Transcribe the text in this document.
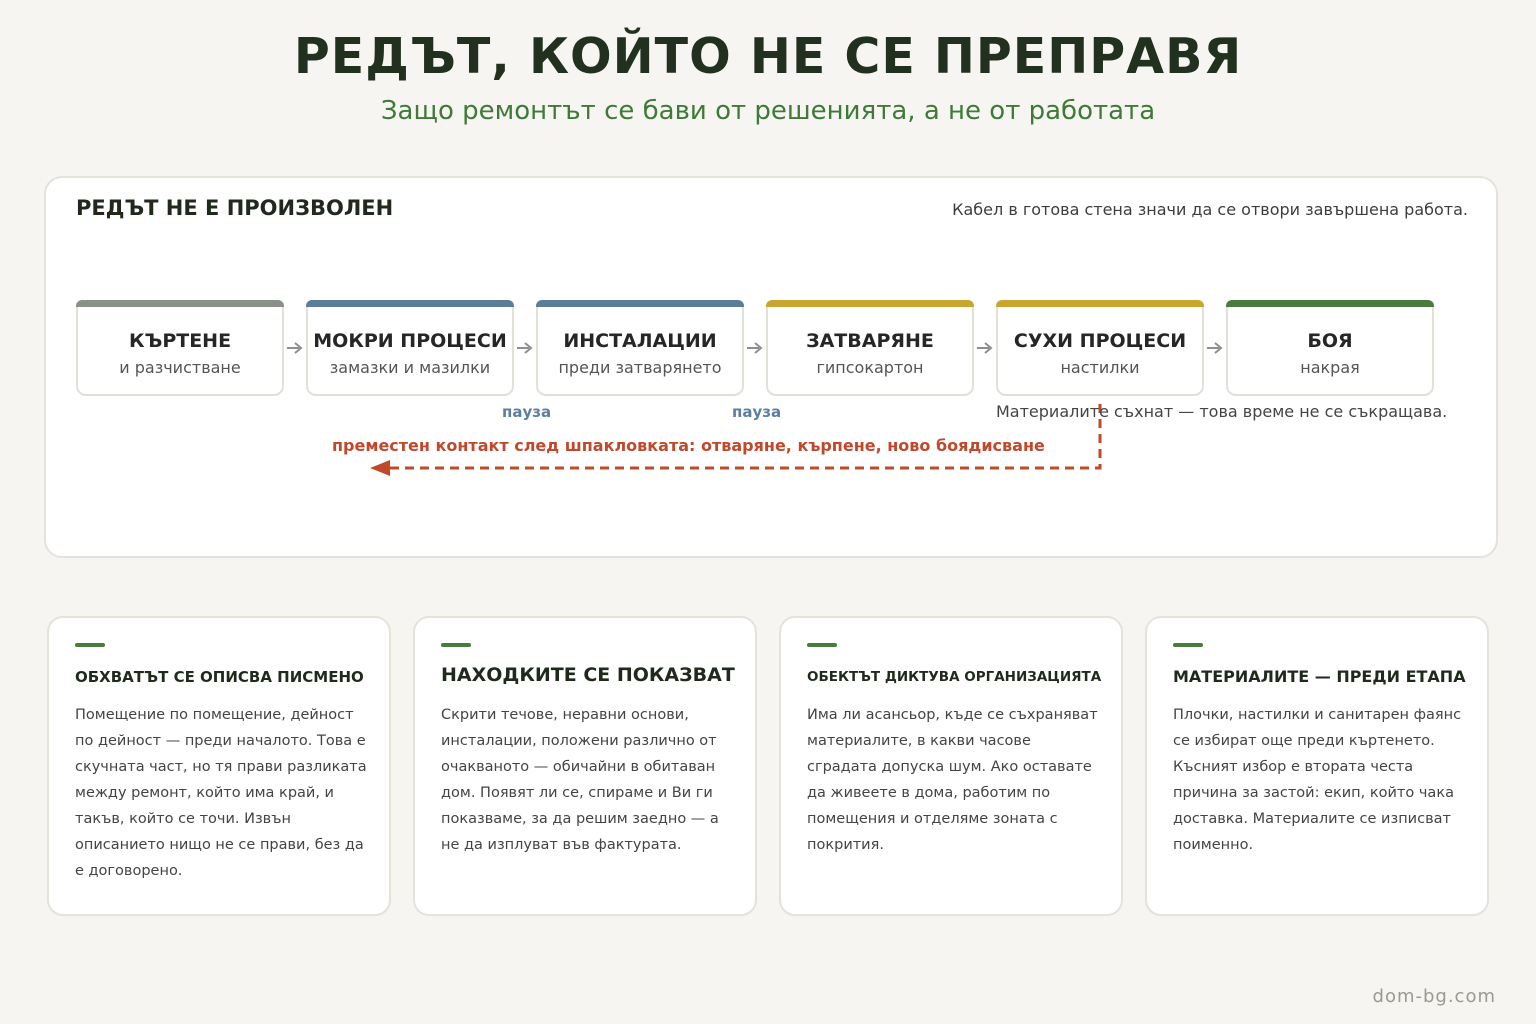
РЕДЪТ, КОЙТО НЕ СЕ ПРЕПРАВЯ
Защо ремонтът се бави от решенията, а не от работата
РЕДЪТ НЕ Е ПРОИЗВОЛЕН	Кабел в готова стена значи да се отвори завършена работа.
КЪРТЕНЕ
и разчистване
МОКРИ ПРОЦЕСИ
замазки и мазилки
ИНСТАЛАЦИИ
преди затварянето
ЗАТВАРЯНЕ
гипсокартон
СУХИ ПРОЦЕСИ
настилки
БОЯ
накрая
пауза	пауза	Материалите съхнат — това време не се съкращава.
преместен контакт след шпакловката: отваряне, кърпене, ново боядисване
ОБХВАТЪТ СЕ ОПИСВА ПИСМЕНО
Помещение по помещение, дейност по дейност — преди началото. Това е скучната част, но тя прави разликата между ремонт, който има край, и такъв, който се точи. Извън описанието нищо не се прави, без да е договорено.
НАХОДКИТЕ СЕ ПОКАЗВАТ
Скрити течове, неравни основи, инсталации, положени различно от очакваното — обичайни в обитаван дом. Появят ли се, спираме и Ви ги показваме, за да решим заедно — а не да изплуват във фактурата.
ОБЕКТЪТ ДИКТУВА ОРГАНИЗАЦИЯТА
Има ли асансьор, къде се съхраняват материалите, в какви часове сградата допуска шум. Ако оставате да живеете в дома, работим по помещения и отделяме зоната с покрития.
МАТЕРИАЛИТЕ — ПРЕДИ ЕТАПА
Плочки, настилки и санитарен фаянс се избират още преди къртенето. Късният избор е втората честа причина за застой: екип, който чака доставка. Материалите се изписват поименно.
dom-bg.com
